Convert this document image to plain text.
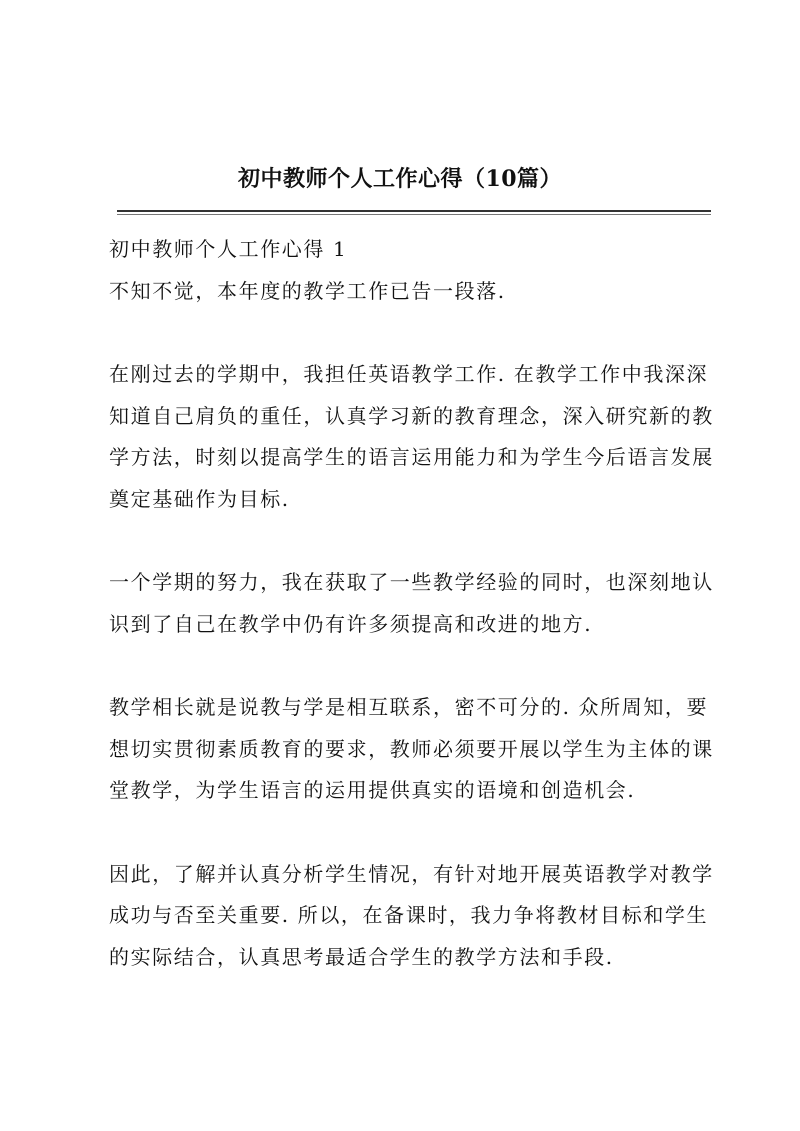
初中教师个人工作心得（10篇）

初中教师个人工作心得 1

不知不觉，本年度的教学工作已告一段落.

在刚过去的学期中，我担任英语教学工作. 在教学工作中我深深
知道自己肩负的重任，认真学习新的教育理念，深入研究新的教
学方法，时刻以提高学生的语言运用能力和为学生今后语言发展
奠定基础作为目标.

一个学期的努力，我在获取了一些教学经验的同时，也深刻地认
识到了自己在教学中仍有许多须提高和改进的地方.

教学相长就是说教与学是相互联系，密不可分的. 众所周知，要
想切实贯彻素质教育的要求，教师必须要开展以学生为主体的课
堂教学，为学生语言的运用提供真实的语境和创造机会.

因此，了解并认真分析学生情况，有针对地开展英语教学对教学
成功与否至关重要. 所以，在备课时，我力争将教材目标和学生
的实际结合，认真思考最适合学生的教学方法和手段.
